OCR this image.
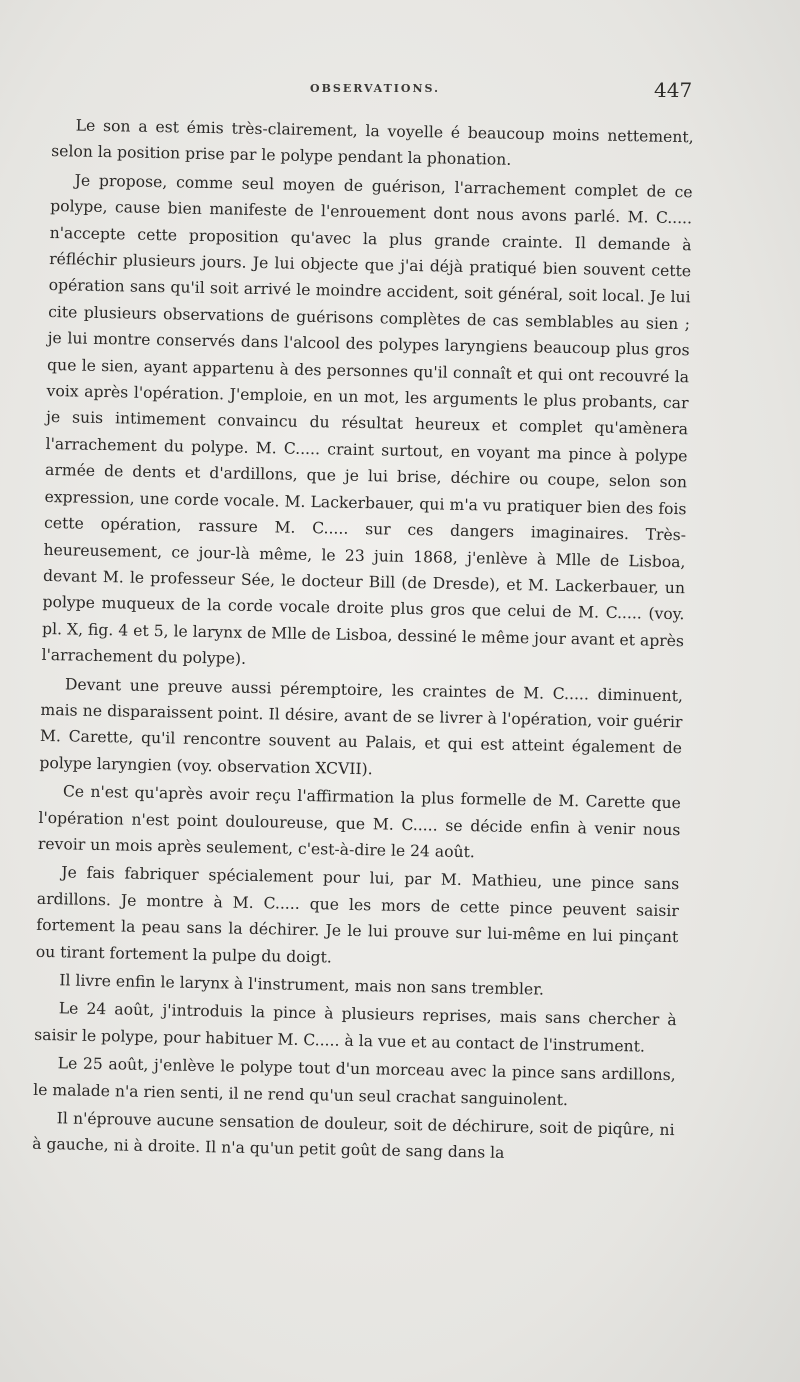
OBSERVATIONS.	447

Le son a est émis très-clairement, la voyelle é beaucoup moins nettement, selon la position prise par le polype pendant la phonation.

Je propose, comme seul moyen de guérison, l'arrachement complet de ce polype, cause bien manifeste de l'enrouement dont nous avons parlé. M. C..... n'accepte cette proposition qu'avec la plus grande crainte. Il demande à réfléchir plusieurs jours. Je lui objecte que j'ai déjà pratiqué bien souvent cette opération sans qu'il soit arrivé le moindre accident, soit général, soit local. Je lui cite plusieurs observations de guérisons complètes de cas semblables au sien ; je lui montre conservés dans l'alcool des polypes laryngiens beaucoup plus gros que le sien, ayant appartenu à des personnes qu'il connaît et qui ont recouvré la voix après l'opération. J'emploie, en un mot, les arguments le plus probants, car je suis intimement convaincu du résultat heureux et complet qu'amènera l'arrachement du polype. M. C..... craint surtout, en voyant ma pince à polype armée de dents et d'ardillons, que je lui brise, déchire ou coupe, selon son expression, une corde vocale. M. Lackerbauer, qui m'a vu pratiquer bien des fois cette opération, rassure M. C..... sur ces dangers imaginaires. Très-heureusement, ce jour-là même, le 23 juin 1868, j'enlève à Mlle de Lisboa, devant M. le professeur Sée, le docteur Bill (de Dresde), et M. Lackerbauer, un polype muqueux de la corde vocale droite plus gros que celui de M. C..... (voy. pl. X, fig. 4 et 5, le larynx de Mlle de Lisboa, dessiné le même jour avant et après l'arrachement du polype).

Devant une preuve aussi péremptoire, les craintes de M. C..... diminuent, mais ne disparaissent point. Il désire, avant de se livrer à l'opération, voir guérir M. Carette, qu'il rencontre souvent au Palais, et qui est atteint également de polype laryngien (voy. observation XCVII).

Ce n'est qu'après avoir reçu l'affirmation la plus formelle de M. Carette que l'opération n'est point douloureuse, que M. C..... se décide enfin à venir nous revoir un mois après seulement, c'est-à-dire le 24 août.

Je fais fabriquer spécialement pour lui, par M. Mathieu, une pince sans ardillons. Je montre à M. C..... que les mors de cette pince peuvent saisir fortement la peau sans la déchirer. Je le lui prouve sur lui-même en lui pinçant ou tirant fortement la pulpe du doigt.

Il livre enfin le larynx à l'instrument, mais non sans trembler.

Le 24 août, j'introduis la pince à plusieurs reprises, mais sans chercher à saisir le polype, pour habituer M. C..... à la vue et au contact de l'instrument.

Le 25 août, j'enlève le polype tout d'un morceau avec la pince sans ardillons, le malade n'a rien senti, il ne rend qu'un seul crachat sanguinolent.

Il n'éprouve aucune sensation de douleur, soit de déchirure, soit de piqûre, ni à gauche, ni à droite. Il n'a qu'un petit goût de sang dans la
